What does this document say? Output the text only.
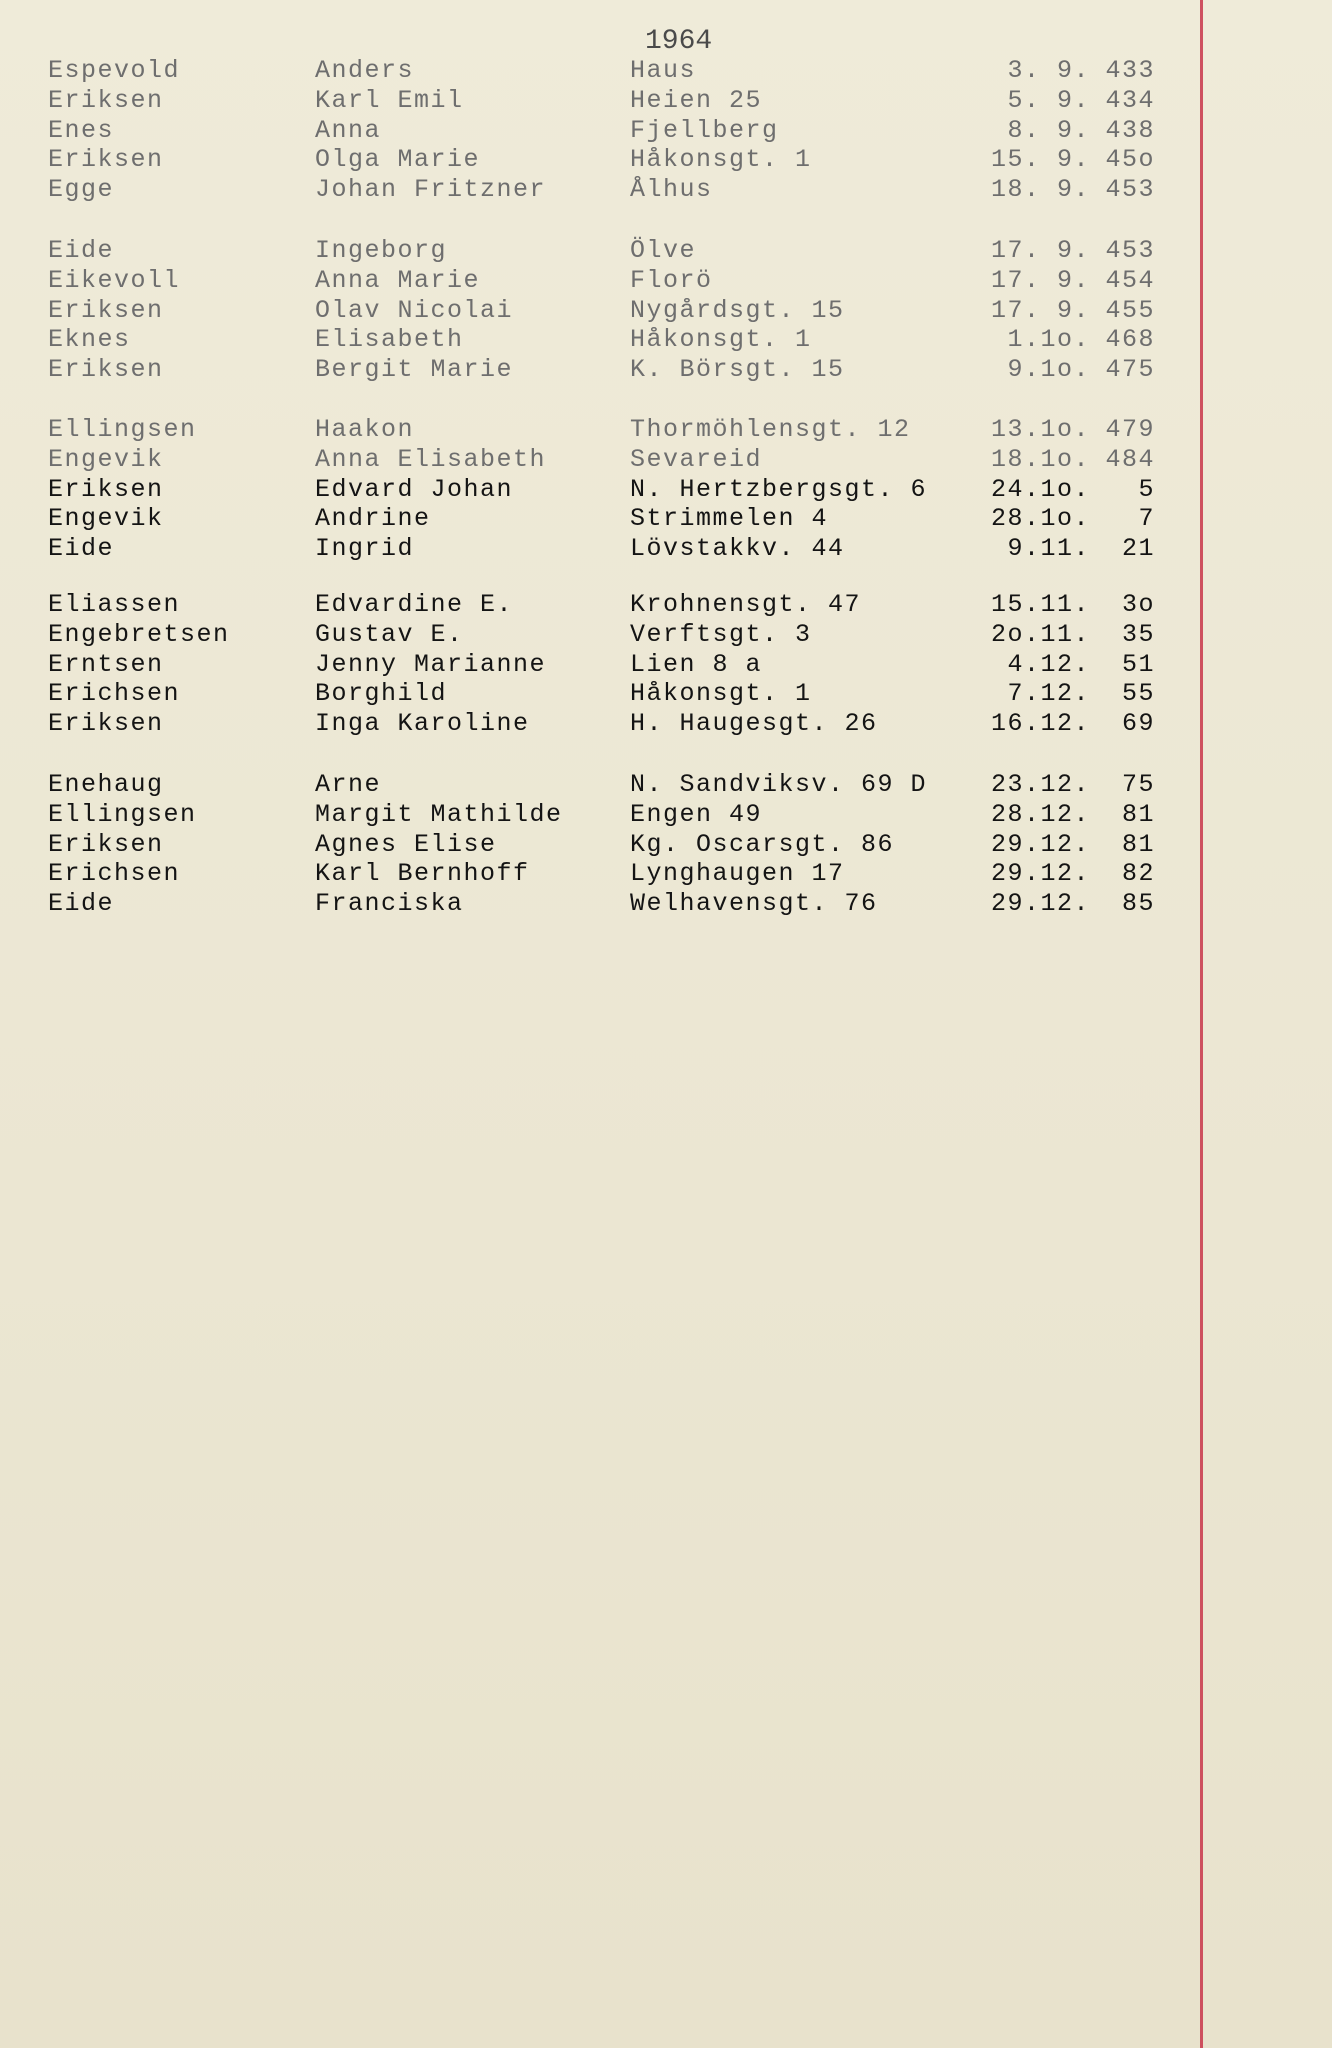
1964
Espevold	Anders	Haus	3. 9. 433
Eriksen	Karl Emil	Heien 25	5. 9. 434
Enes	Anna	Fjellberg	8. 9. 438
Eriksen	Olga Marie	Håkonsgt. 1	15. 9. 45o
Egge	Johan Fritzner	Ålhus	18. 9. 453
Eide	Ingeborg	Ölve	17. 9. 453
Eikevoll	Anna Marie	Florö	17. 9. 454
Eriksen	Olav Nicolai	Nygårdsgt. 15	17. 9. 455
Eknes	Elisabeth	Håkonsgt. 1	1.1o. 468
Eriksen	Bergit Marie	K. Börsgt. 15	9.1o. 475
Ellingsen	Haakon	Thormöhlensgt. 12	13.1o. 479
Engevik	Anna Elisabeth	Sevareid	18.1o. 484
Eriksen	Edvard Johan	N. Hertzbergsgt. 6	24.1o.	5
Engevik	Andrine	Strimmelen 4	28.1o.	7
Eide	Ingrid	Lövstakkv. 44	9.11.	21
Eliassen	Edvardine E.	Krohnensgt. 47	15.11.	3o
Engebretsen	Gustav E.	Verftsgt. 3	2o.11.	35
Erntsen	Jenny Marianne	Lien 8 a	4.12.	51
Erichsen	Borghild	Håkonsgt. 1	7.12.	55
Eriksen	Inga Karoline	H. Haugesgt. 26	16.12.	69
Enehaug	Arne	N. Sandviksv. 69 D	23.12.	75
Ellingsen	Margit Mathilde	Engen 49	28.12.	81
Eriksen	Agnes Elise	Kg. Oscarsgt. 86	29.12.	81
Erichsen	Karl Bernhoff	Lynghaugen 17	29.12.	82
Eide	Franciska	Welhavensgt. 76	29.12.	85
